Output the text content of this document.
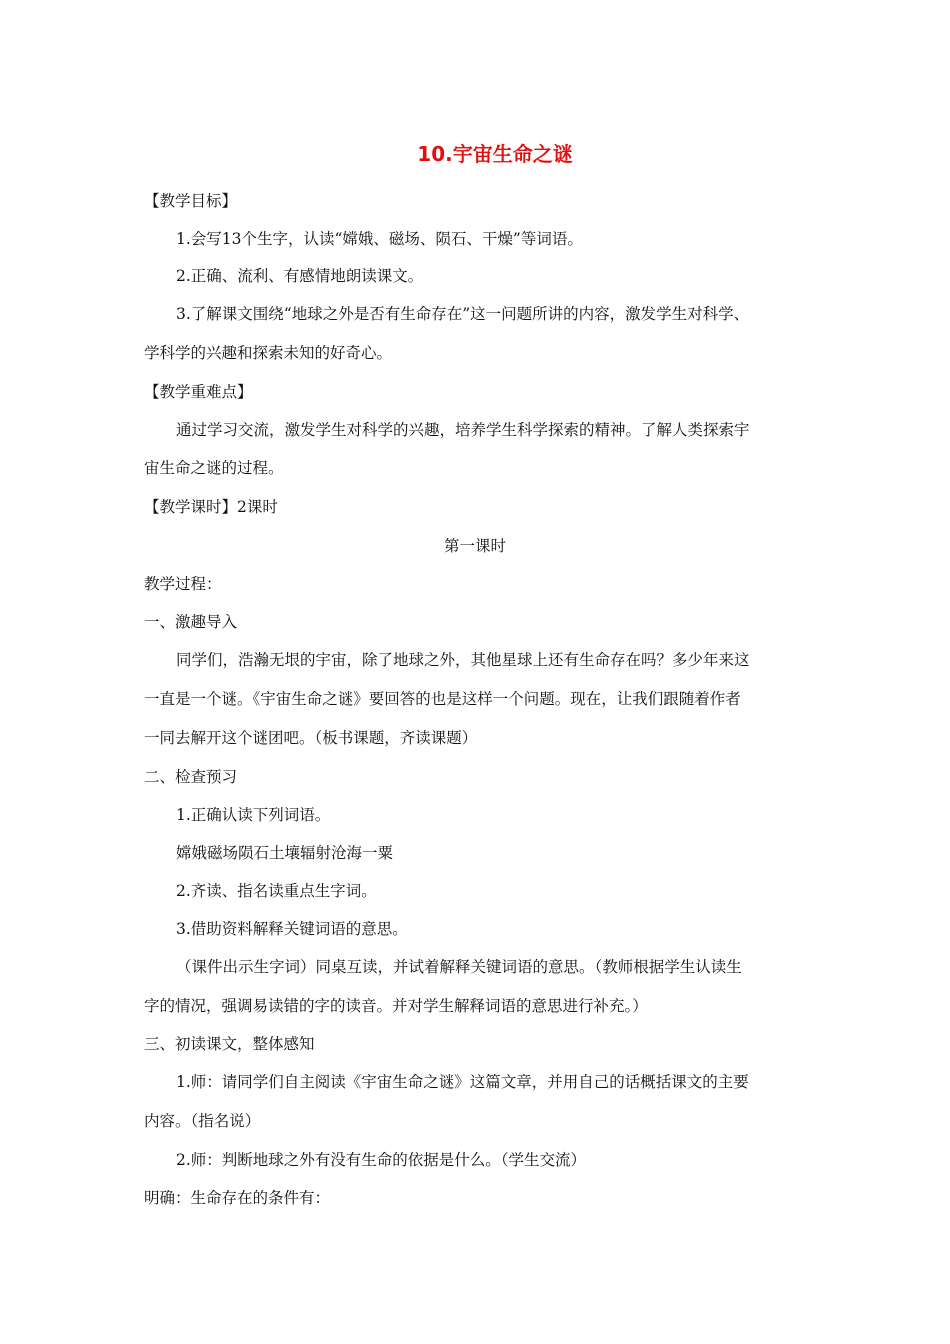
10.宇宙生命之谜
【教学目标】
1.会写13个生字，认读“嫦娥、磁场、陨石、干燥”等词语。
2.正确、流利、有感情地朗读课文。
3.了解课文围绕“地球之外是否有生命存在”这一问题所讲的内容，激发学生对科学、
学科学的兴趣和探索未知的好奇心。
【教学重难点】
通过学习交流，激发学生对科学的兴趣，培养学生科学探索的精神。了解人类探索宇
宙生命之谜的过程。
【教学课时】2课时
第一课时
教学过程：
一、激趣导入
同学们，浩瀚无垠的宇宙，除了地球之外，其他星球上还有生命存在吗？多少年来这
一直是一个谜。《宇宙生命之谜》要回答的也是这样一个问题。现在，让我们跟随着作者
一同去解开这个谜团吧。（板书课题，齐读课题）
二、检查预习
1.正确认读下列词语。
嫦娥磁场陨石土壤辐射沧海一粟
2.齐读、指名读重点生字词。
3.借助资料解释关键词语的意思。
（课件出示生字词）同桌互读，并试着解释关键词语的意思。（教师根据学生认读生
字的情况，强调易读错的字的读音。并对学生解释词语的意思进行补充。）
三、初读课文，整体感知
1.师：请同学们自主阅读《宇宙生命之谜》这篇文章，并用自己的话概括课文的主要
内容。（指名说）
2.师：判断地球之外有没有生命的依据是什么。（学生交流）
明确：生命存在的条件有：
